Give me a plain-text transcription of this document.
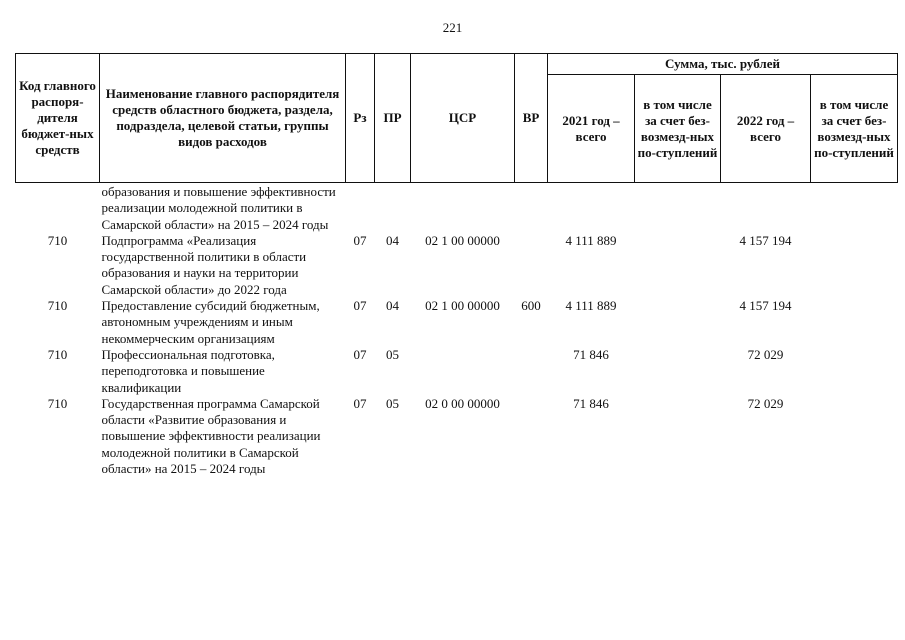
221
Код главного распоря-дителя бюджет-ных средств	Наименование главного распорядителя средств областного бюджета, раздела, подраздела, целевой статьи, группы видов расходов	Рз	ПР	ЦСР	ВР	Сумма, тыс. рублей			
						2021 год – всего	в том числе за счет без-возмезд-ных по-ступлений	2022 год – всего	в том числе за счет без-возмезд-ных по-ступлений
	образования и повышение эффективности реализации молодежной политики в Самарской области» на 2015 – 2024 годы								
710	Подпрограмма «Реализация государственной политики в области образования и науки на территории Самарской области» до 2022 года	07	04	02 1 00 00000		4 111 889		4 157 194	
710	Предоставление субсидий бюджетным, автономным учреждениям и иным некоммерческим организациям	07	04	02 1 00 00000	600	4 111 889		4 157 194	
710	Профессиональная подготовка, переподготовка и повышение квалификации	07	05			71 846		72 029	
710	Государственная программа Самарской области «Развитие образования и повышение эффективности реализации молодежной политики в Самарской области» на 2015 – 2024 годы	07	05	02 0 00 00000		71 846		72 029	
